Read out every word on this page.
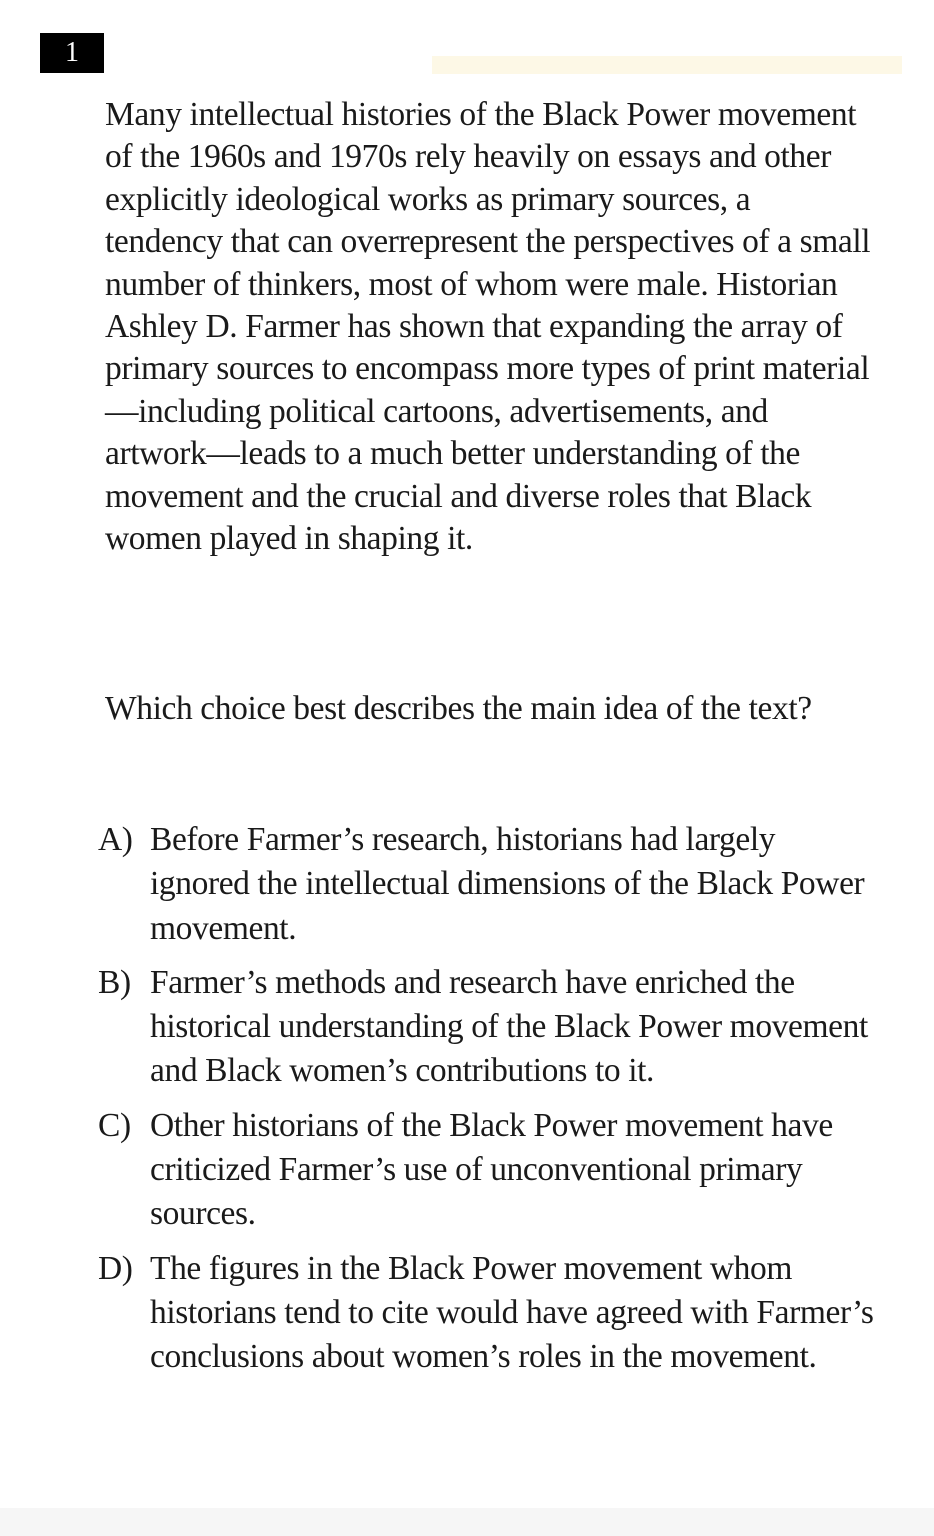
1

Many intellectual histories of the Black Power movement of the 1960s and 1970s rely heavily on essays and other explicitly ideological works as primary sources, a tendency that can overrepresent the perspectives of a small number of thinkers, most of whom were male. Historian Ashley D. Farmer has shown that expanding the array of primary sources to encompass more types of print material—including political cartoons, advertisements, and artwork—leads to a much better understanding of the movement and the crucial and diverse roles that Black women played in shaping it.

Which choice best describes the main idea of the text?

A) Before Farmer’s research, historians had largely ignored the intellectual dimensions of the Black Power movement.
B) Farmer’s methods and research have enriched the historical understanding of the Black Power movement and Black women’s contributions to it.
C) Other historians of the Black Power movement have criticized Farmer’s use of unconventional primary sources.
D) The figures in the Black Power movement whom historians tend to cite would have agreed with Farmer’s conclusions about women’s roles in the movement.
